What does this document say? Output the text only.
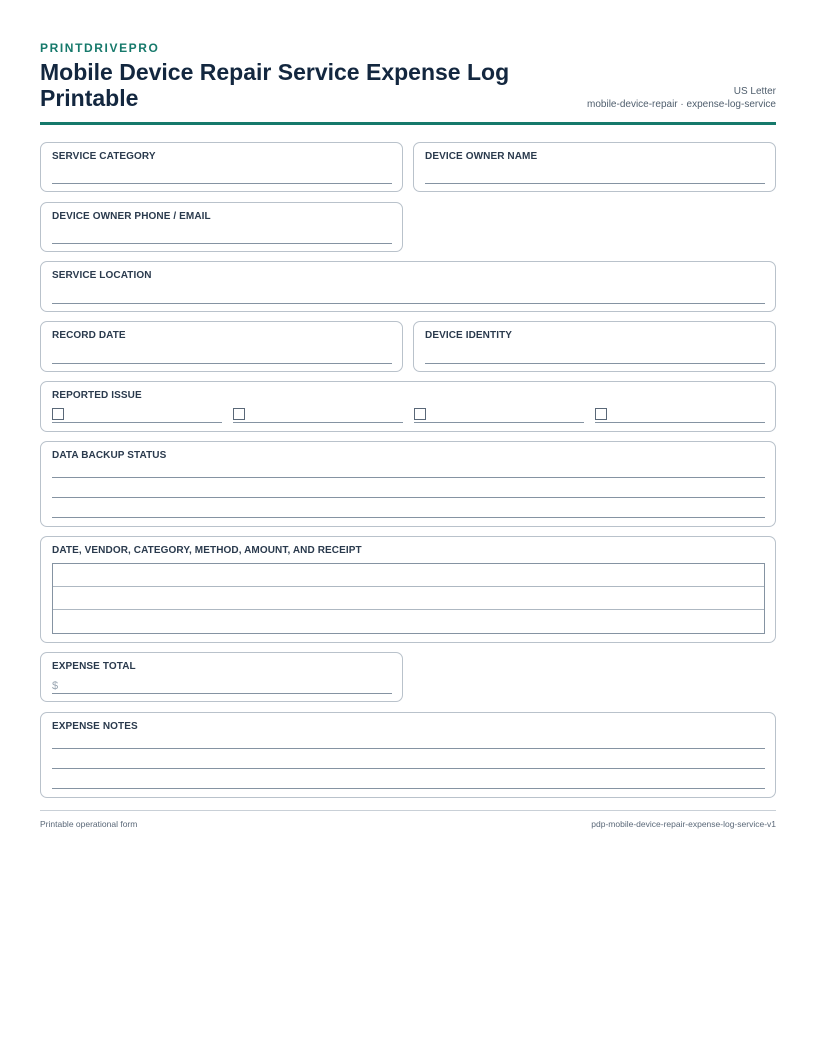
PRINTDRIVEPRO
Mobile Device Repair Service Expense Log Printable	US Letter
mobile-device-repair · expense-log-service
SERVICE CATEGORY	DEVICE OWNER NAME
DEVICE OWNER PHONE / EMAIL
SERVICE LOCATION
RECORD DATE	DEVICE IDENTITY
REPORTED ISSUE
DATA BACKUP STATUS
DATE, VENDOR, CATEGORY, METHOD, AMOUNT, AND RECEIPT
EXPENSE TOTAL
$
EXPENSE NOTES
Printable operational form	pdp-mobile-device-repair-expense-log-service-v1
